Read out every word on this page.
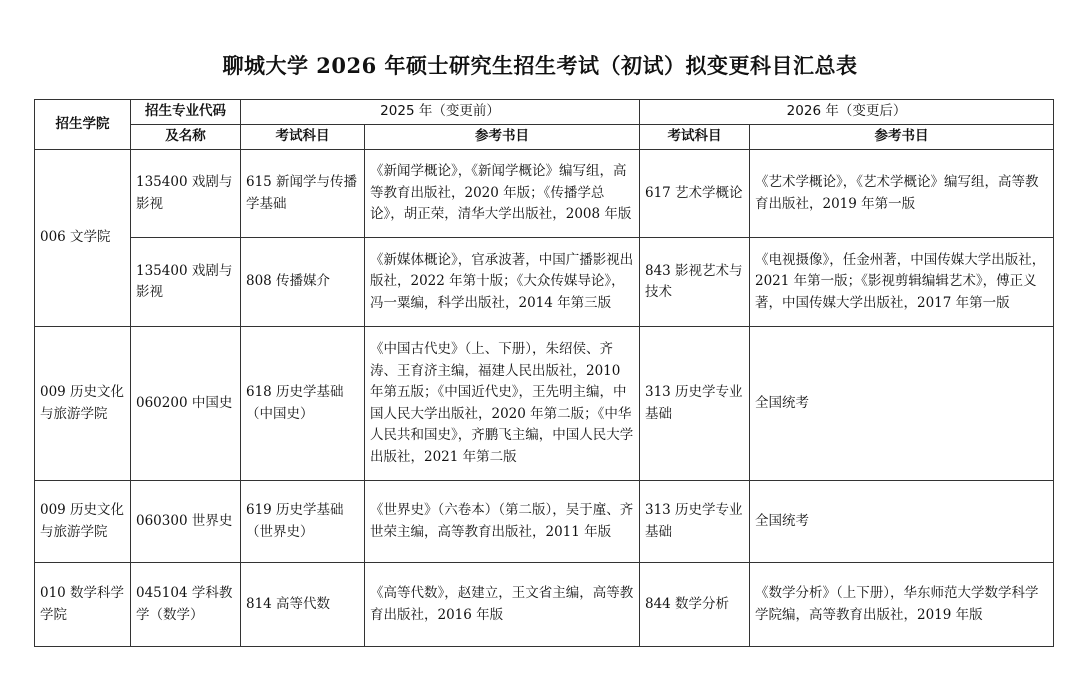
聊城大学 2026 年硕士研究生招生考试（初试）拟变更科目汇总表
招生学院	招生专业代码	2025 年（变更前）		2026 年（变更后）	
	及名称	考试科目	参考书目	考试科目	参考书目
006 文学院	135400 戏剧与影视	615 新闻学与传播学基础	《新闻学概论》，《新闻学概论》编写组，高等教育出版社，2020 年版；《传播学总论》，胡正荣，清华大学出版社，2008 年版	617 艺术学概论	《艺术学概论》，《艺术学概论》编写组，高等教育出版社，2019 年第一版
	135400 戏剧与影视	808 传播媒介	《新媒体概论》，官承波著，中国广播影视出版社，2022 年第十版；《大众传媒导论》，冯一粟编，科学出版社，2014 年第三版	843 影视艺术与技术	《电视摄像》，任金州著，中国传媒大学出版社，2021 年第一版；《影视剪辑编辑艺术》，傅正义著，中国传媒大学出版社，2017 年第一版
009 历史文化与旅游学院	060200 中国史	618 历史学基础（中国史）	《中国古代史》（上、下册），朱绍侯、齐涛、王育济主编，福建人民出版社，2010 年第五版；《中国近代史》，王先明主编，中国人民大学出版社，2020 年第二版；《中华人民共和国史》，齐鹏飞主编，中国人民大学出版社，2021 年第二版	313 历史学专业基础	全国统考
009 历史文化与旅游学院	060300 世界史	619 历史学基础（世界史）	《世界史》（六卷本）（第二版），吴于廑、齐世荣主编，高等教育出版社，2011 年版	313 历史学专业基础	全国统考
010 数学科学学院	045104 学科教学（数学）	814 高等代数	《高等代数》，赵建立，王文省主编，高等教育出版社，2016 年版	844 数学分析	《数学分析》（上下册），华东师范大学数学科学学院编，高等教育出版社，2019 年版
